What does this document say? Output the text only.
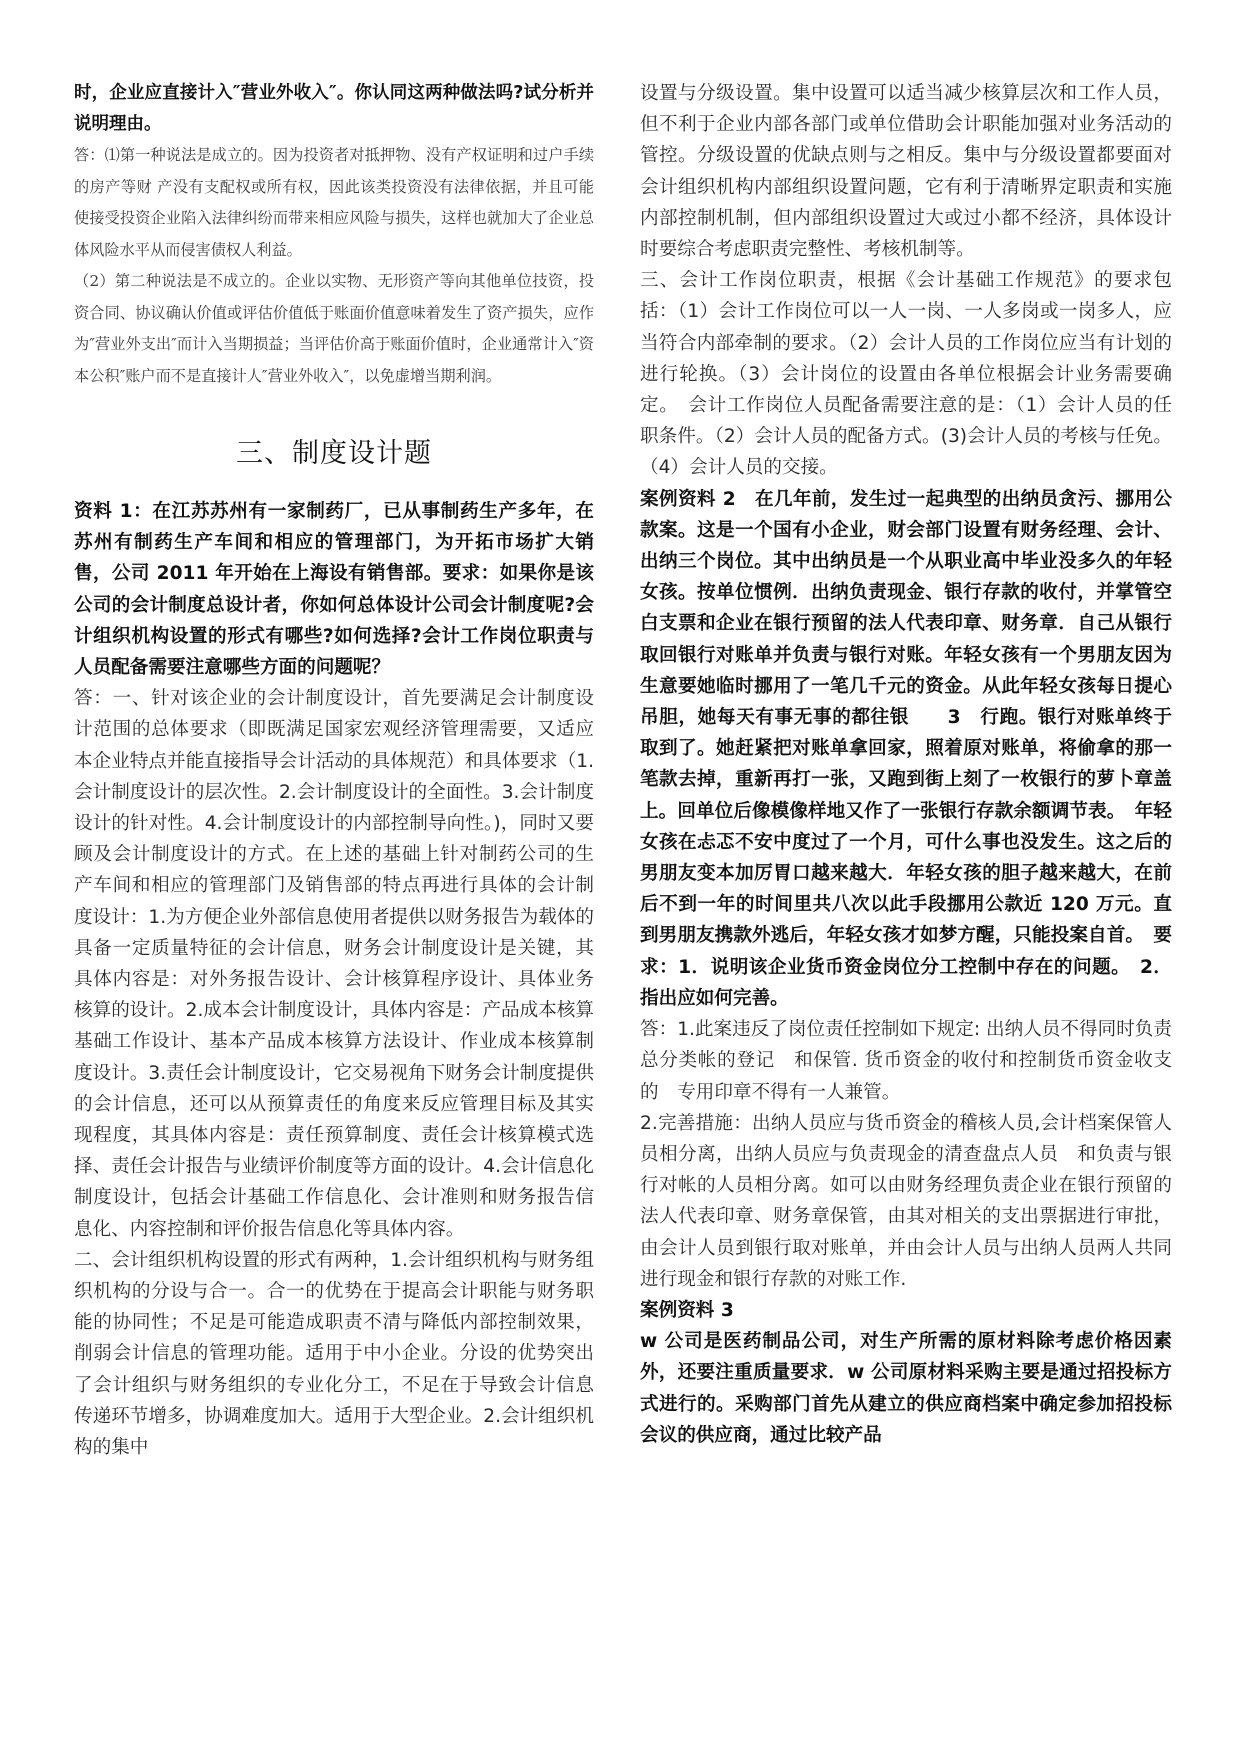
时，企业应直接计入″营业外收入″。你认同这两种做法吗?试分析并说明理由。

答：⑴第一种说法是成立的。因为投资者对抵押物、没有产权证明和过户手续的房产等财 产没有支配权或所有权，因此该类投资没有法律依据，并且可能使接受投资企业陷入法律纠纷而带来相应风险与损失，这样也就加大了企业总体风险水平从而侵害债权人利益。

（2）第二种说法是不成立的。企业以实物、无形资产等向其他单位技资，投资合同、协议确认价值或评估价值低于账面价值意味着发生了资产损失，应作为″营业外支出″而计入当期损益；当评估价高于账面价值时，企业通常计入″资本公积″账户而不是直接计人″营业外收入″，以免虚增当期利润。

三、制度设计题

资料 1：在江苏苏州有一家制药厂，已从事制药生产多年，在苏州有制药生产车间和相应的管理部门，为开拓市场扩大销售，公司 2011 年开始在上海设有销售部。要求：如果你是该公司的会计制度总设计者，你如何总体设计公司会计制度呢?会计组织机构设置的形式有哪些?如何选择?会计工作岗位职责与人员配备需要注意哪些方面的问题呢？

答：一、针对该企业的会计制度设计，首先要满足会计制度设计范围的总体要求（即既满足国家宏观经济管理需要，又适应本企业特点并能直接指导会计活动的具体规范）和具体要求（1.会计制度设计的层次性。2.会计制度设计的全面性。3.会计制度设计的针对性。4.会计制度设计的内部控制导向性。)，同时又要顾及会计制度设计的方式。在上述的基础上针对制药公司的生产车间和相应的管理部门及销售部的特点再进行具体的会计制度设计：1.为方便企业外部信息使用者提供以财务报告为载体的具备一定质量特征的会计信息，财务会计制度设计是关键，其具体内容是：对外务报告设计、会计核算程序设计、具体业务核算的设计。2.成本会计制度设计，具体内容是：产品成本核算基础工作设计、基本产品成本核算方法设计、作业成本核算制度设计。3.责任会计制度设计，它交易视角下财务会计制度提供的会计信息，还可以从预算责任的角度来反应管理目标及其实现程度，其具体内容是：责任预算制度、责任会计核算模式选择、责任会计报告与业绩评价制度等方面的设计。4.会计信息化制度设计，包括会计基础工作信息化、会计准则和财务报告信息化、内容控制和评价报告信息化等具体内容。

二、会计组织机构设置的形式有两种，1.会计组织机构与财务组织机构的分设与合一。合一的优势在于提高会计职能与财务职能的协同性；不足是可能造成职责不清与降低内部控制效果，削弱会计信息的管理功能。适用于中小企业。分设的优势突出了会计组织与财务组织的专业化分工，不足在于导致会计信息传递环节增多，协调难度加大。适用于大型企业。2.会计组织机构的集中

设置与分级设置。集中设置可以适当减少核算层次和工作人员，但不利于企业内部各部门或单位借助会计职能加强对业务活动的管控。分级设置的优缺点则与之相反。集中与分级设置都要面对会计组织机构内部组织设置问题，它有利于清晰界定职责和实施内部控制机制，但内部组织设置过大或过小都不经济，具体设计时要综合考虑职责完整性、考核机制等。

三、会计工作岗位职责，根据《会计基础工作规范》的要求包括：（1）会计工作岗位可以一人一岗、一人多岗或一岗多人，应当符合内部牵制的要求。（2）会计人员的工作岗位应当有计划的进行轮换。（3）会计岗位的设置由各单位根据会计业务需要确定。　会计工作岗位人员配备需要注意的是：（1）会计人员的任职条件。（2）会计人员的配备方式。(3)会计人员的考核与任免。（4）会计人员的交接。

案例资料 2　在几年前，发生过一起典型的出纳员贪污、挪用公款案。这是一个国有小企业，财会部门设置有财务经理、会计、出纳三个岗位。其中出纳员是一个从职业高中毕业没多久的年轻女孩。按单位惯例．出纳负责现金、银行存款的收付，并掌管空白支票和企业在银行预留的法人代表印章、财务章．自己从银行取回银行对账单并负责与银行对账。年轻女孩有一个男朋友因为生意要她临时挪用了一笔几千元的资金。从此年轻女孩每日提心吊胆，她每天有事无事的都往银　　 3　 行跑。银行对账单终于取到了。她赶紧把对账单拿回家，照着原对账单，将偷拿的那一笔款去掉，重新再打一张，又跑到街上刻了一枚银行的萝卜章盖上。回单位后像模像样地又作了一张银行存款余额调节表。　年轻女孩在忐忑不安中度过了一个月，可什么事也没发生。这之后的男朋友变本加厉胃口越来越大．年轻女孩的胆子越来越大，在前后不到一年的时间里共八次以此手段挪用公款近 120 万元。直到男朋友携款外逃后，年轻女孩才如梦方醒，只能投案自首。　要求：1．说明该企业货币资金岗位分工控制中存在的问题。　2．指出应如何完善。

答：1.此案违反了岗位责任控制如下规定: 出纳人员不得同时负责总分类帐的登记　和保管. 货币资金的收付和控制货币资金收支的　专用印章不得有一人兼管。

2.完善措施：出纳人员应与货币资金的稽核人员,会计档案保管人员相分离，出纳人员应与负责现金的清查盘点人员　和负责与银行对帐的人员相分离。如可以由财务经理负责企业在银行预留的法人代表印章、财务章保管，由其对相关的支出票据进行审批，由会计人员到银行取对账单，并由会计人员与出纳人员两人共同进行现金和银行存款的对账工作.

案例资料 3

w 公司是医药制品公司，对生产所需的原材料除考虑价格因素外，还要注重质量要求．w 公司原材料采购主要是通过招投标方式进行的。采购部门首先从建立的供应商档案中确定参加招投标会议的供应商，通过比较产品
